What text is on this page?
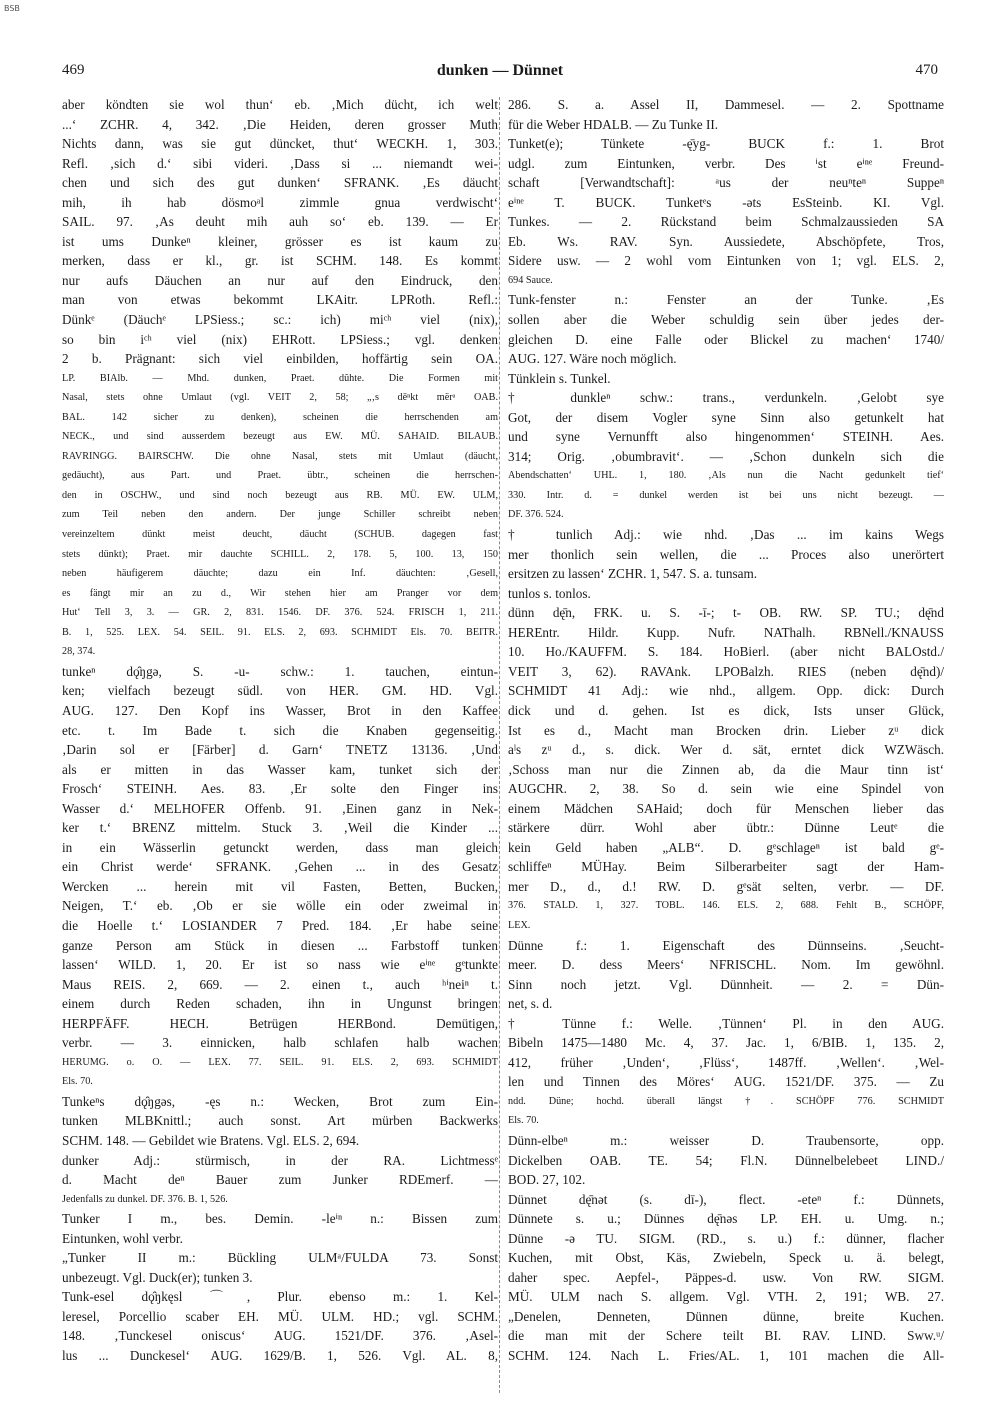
BSB
469	dunken — Dünnet	470
aber köndten sie wol thun‘ eb. ‚Mich dücht, ich welt
...‘ ZCHR. 4, 342. ‚Die Heiden, deren grosser Muth
Nichts dann, was sie gut düncket, thut‘ WECKH. 1, 303.
Refl. ‚sich d.‘ sibi videri. ‚Dass si ... niemandt wei-
chen und sich des gut dunken‘ SFRANK. ‚Es däucht
mih, ih hab dösmoᵃl zimmle gnua verdwischt‘
SAIL. 97. ‚As deuht mih auh so‘ eb. 139. — Er
ist ums Dunkeⁿ kleiner, grösser es ist kaum zu
merken, dass er kl., gr. ist SCHM. 148. Es kommt
nur aufs Däuchen an nur auf den Eindruck, den
man von etwas bekommt LKAitr. LPRoth. Refl.:
Dünkᵉ (Däuchᵉ LPSiess.; sc.: ich) miᶜʰ viel (nix),
so bin iᶜʰ viel (nix) EHRott. LPSiess.; vgl. denken
2 b. Prägnant: sich viel einbilden, hoffärtig sein OA.
LP. BIAlb. — Mhd. dunken, Praet. dûhte. Die Formen mit
Nasal, stets ohne Umlaut (vgl. VEIT 2, 58; „‚s dēⁿkt mërᵃ OAB.
BAL. 142 sicher zu denken), scheinen die herrschenden am
NECK., und sind ausserdem bezeugt aus EW. MÜ. SAHAID. BILAUB.
RAVRINGG. BAIRSCHW. Die ohne Nasal, stets mit Umlaut (däucht,
gedäucht), aus Part. und Praet. übtr., scheinen die herrschen-
den in OSCHW., und sind noch bezeugt aus RB. MÜ. EW. ULM,
zum Teil neben den andern. Der junge Schiller schreibt neben
vereinzeltem dünkt meist deucht, däucht (SCHUB. dagegen fast
stets dünkt); Praet. mir dauchte SCHILL. 2, 178. 5, 100. 13, 150
neben häufigerem däuchte; dazu ein Inf. däuchten: ‚Gesell,
es fängt mir an zu d., Wir stehen hier am Pranger vor dem
Hut‘ Tell 3, 3. — GR. 2, 831. 1546. DF. 376. 524. FRISCH 1, 211.
B. 1, 525. LEX. 54. SEIL. 91. ELS. 2, 693. SCHMIDT Els. 70. BEITR.
28, 374.
tunkeⁿ dǫ̂ŋgə, S. -u- schw.: 1. tauchen, eintun-
ken; vielfach bezeugt südl. von HER. GM. HD. Vgl.
AUG. 127. Den Kopf ins Wasser, Brot in den Kaffee
etc. t. Im Bade t. sich die Knaben gegenseitig.
‚Darin sol er [Färber] d. Garn‘ TNETZ 13136. ‚Und
als er mitten in das Wasser kam, tunket sich der
Frosch‘ STEINH. Aes. 83. ‚Er solte den Finger ins
Wasser d.‘ MELHOFER Offenb. 91. ‚Einen ganz in Nek-
ker t.‘ BRENZ mittelm. Stuck 3. ‚Weil die Kinder ...
in ein Wässerlin getunckt werden, dass man gleich
ein Christ werde‘ SFRANK. ‚Gehen ... in des Gesatz
Wercken ... herein mit vil Fasten, Betten, Bucken,
Neigen, T.‘ eb. ‚Ob er sie wölle ein oder zweimal in
die Hoelle t.‘ LOSIANDER 7 Pred. 184. ‚Er habe seine
ganze Person am Stück in diesen ... Farbstoff tunken
lassen‘ WILD. 1, 20. Er ist so nass wie eⁱⁿᵉ gᵉtunkte
Maus REIS. 2, 669. — 2. einen t., auch ʰⁱneiⁿ t.
einem durch Reden schaden, ihn in Ungunst bringen
HERPFÄFF. HECH. Betrügen HERBond. Demütigen,
verbr. — 3. einnicken, halb schlafen halb wachen
HERUMG. o. O. — LEX. 77. SEIL. 91. ELS. 2, 693. SCHMIDT
Els. 70.
Tunkeⁿs dǫ̂ŋgəs, -ęs n.: Wecken, Brot zum Ein-
tunken MLBKnittl.; auch sonst. Art mürben Backwerks
SCHM. 148. — Gebildet wie Bratens. Vgl. ELS. 2, 694.
dunker Adj.: stürmisch, in der RA. Lichtmessᵉ
d. Macht deⁿ Bauer zum Junker RDEmerf. —
Jedenfalls zu dunkel. DF. 376. B. 1, 526.
Tunker I m., bes. Demin. -leⁱⁿ n.: Bissen zum
Eintunken, wohl verbr.
„Tunker II m.: Bückling ULMᵃ/FULDA 73. Sonst
unbezeugt. Vgl. Duck(er); tunken 3.
Tunk-esel dǫ̂ŋkęsl ⌒, Plur. ebenso m.: 1. Kel-
leresel, Porcellio scaber EH. MÜ. ULM. HD.; vgl. SCHM.
148. ‚Tunckesel oniscus‘ AUG. 1521/DF. 376. ‚Asel-
lus ... Dunckesel‘ AUG. 1629/B. 1, 526. Vgl. AL. 8,
286. S. a. Assel II, Dammesel. — 2. Spottname
für die Weber HDALB. — Zu Tunke II.
Tunket(e); Tünkete -ę̄yg- BUCK f.: 1. Brot
udgl. zum Eintunken, verbr. Des ⁱst eⁱⁿᵉ Freund-
schaft [Verwandtschaft]: ᵃus der neuⁿteⁿ Suppeⁿ
eⁱⁿᵉ T. BUCK. Tunketᵉs -əts EsSteinb. KI. Vgl.
Tunkes. — 2. Rückstand beim Schmalzaussieden SA
Eb. Ws. RAV. Syn. Aussiedete, Abschöpfete, Tros,
Sidere usw. — 2 wohl vom Eintunken von 1; vgl. ELS. 2,
694 Sauce.
Tunk-fenster n.: Fenster an der Tunke. ‚Es
sollen aber die Weber schuldig sein über jedes der-
gleichen D. eine Falle oder Blickel zu machen‘ 1740/
AUG. 127. Wäre noch möglich.
Tünklein s. Tunkel.
† dunkleⁿ schw.: trans., verdunkeln. ‚Gelobt sye
Got, der disem Vogler syne Sinn also getunkelt hat
und syne Vernunfft also hingenommen‘ STEINH. Aes.
314; Orig. ‚obumbravit‘. — ‚Schon dunkeln sich die
Abendschatten‘ UHL. 1, 180. ‚Als nun die Nacht gedunkelt tief‘
330. Intr. d. = dunkel werden ist bei uns nicht bezeugt. —
DF. 376. 524.
† tunlich Adj.: wie nhd. ‚Das ... im kains Wegs
mer thonlich sein wellen, die ... Proces also unerörtert
ersitzen zu lassen‘ ZCHR. 1, 547. S. a. tunsam.
tunlos s. tonlos.
dünn dę̄n, FRK. u. S. -ī-; t- OB. RW. SP. TU.; dę̄nd
HEREntr. Hildr. Kupp. Nufr. NAThalh. RBNell./KNAUSS
10. Ho./KAUFFM. S. 184. HoBierl. (aber nicht BALOstd./
VEIT 3, 62). RAVAnk. LPOBalzh. RIES (neben dę̄nd)/
SCHMIDT 41 Adj.: wie nhd., allgem. Opp. dick: Durch
dick und d. gehen. Ist es dick, Ists unser Glück,
Ist es d., Macht man Brocken drin. Lieber zᵘ dick
aˡs zᵘ d., s. dick. Wer d. sät, erntet dick WZWäsch.
‚Schoss man nur die Zinnen ab, da die Maur tinn ist‘
AUGCHR. 2, 38. So d. sein wie eine Spindel von
einem Mädchen SAHaid; doch für Menschen lieber das
stärkere dürr. Wohl aber übtr.: Dünne Leutᵉ die
kein Geld haben „ALB“. D. gᵉschlageⁿ ist bald gᵉ-
schliffeⁿ MÜHay. Beim Silberarbeiter sagt der Ham-
mer D., d., d.! RW. D. gᵉsät selten, verbr. — DF.
376. STALD. 1, 327. TOBL. 146. ELS. 2, 688. Fehlt B., SCHÖPF,
LEX.
Dünne f.: 1. Eigenschaft des Dünnseins. ‚Seucht-
meer. D. dess Meers‘ NFRISCHL. Nom. Im gewöhnl.
Sinn noch jetzt. Vgl. Dünnheit. — 2. = Dün-
net, s. d.
† Tünne f.: Welle. ‚Tünnen‘ Pl. in den AUG.
Bibeln 1475—1480 Mc. 4, 37. Jac. 1, 6/BIB. 1, 135. 2,
412, früher ‚Unden‘, ‚Flüss‘, 1487ff. ‚Wellen‘. ‚Wel-
len und Tinnen des Möres‘ AUG. 1521/DF. 375. — Zu
ndd. Düne; hochd. überall längst †. SCHÖPF 776. SCHMIDT
Els. 70.
Dünn-elbeⁿ m.: weisser D. Traubensorte, opp.
Dickelben OAB. TE. 54; Fl.N. Dünnelbelebeet LIND./
BOD. 27, 102.
Dünnet dę̄nət (s. dī-), flect. -eteⁿ f.: Dünnets,
Dünnete s. u.; Dünnes dę̄nəs LP. EH. u. Umg. n.;
Dünne -ə TU. SIGM. (RD., s. u.) f.: dünner, flacher
Kuchen, mit Obst, Käs, Zwiebeln, Speck u. ä. belegt,
daher spec. Aepfel-, Päppes-d. usw. Von RW. SIGM.
MÜ. ULM nach S. allgem. Vgl. VTH. 2, 191; WB. 27.
„Denelen, Denneten, Dünnen dünne, breite Kuchen.
die man mit der Schere teilt BI. RAV. LIND. Sww.ᵘ/
SCHM. 124. Nach L. Fries/AL. 1, 101 machen die All-
